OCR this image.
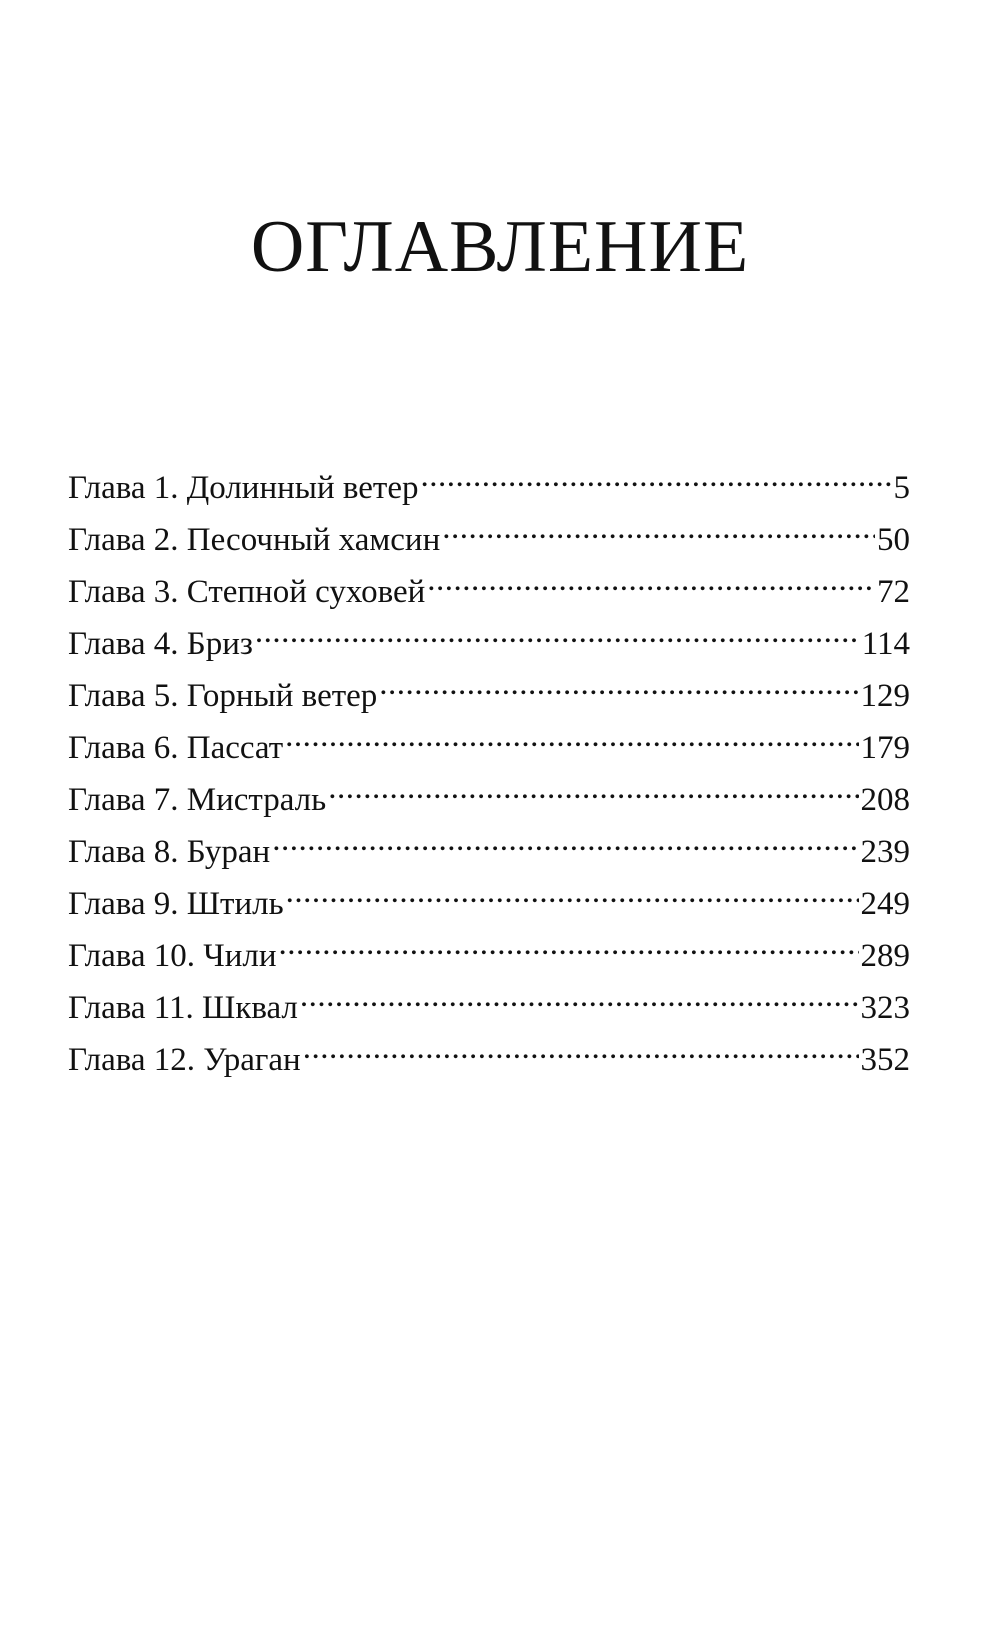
ОГЛАВЛЕНИЕ
Глава 1. Долинный ветер .....	5
Глава 2. Песочный хамсин .....	50
Глава 3. Степной суховей .....	72
Глава 4. Бриз .....	114
Глава 5. Горный ветер .....	129
Глава 6. Пассат .....	179
Глава 7. Мистраль .....	208
Глава 8. Буран .....	239
Глава 9. Штиль .....	249
Глава 10. Чили .....	289
Глава 11. Шквал .....	323
Глава 12. Ураган .....	352
